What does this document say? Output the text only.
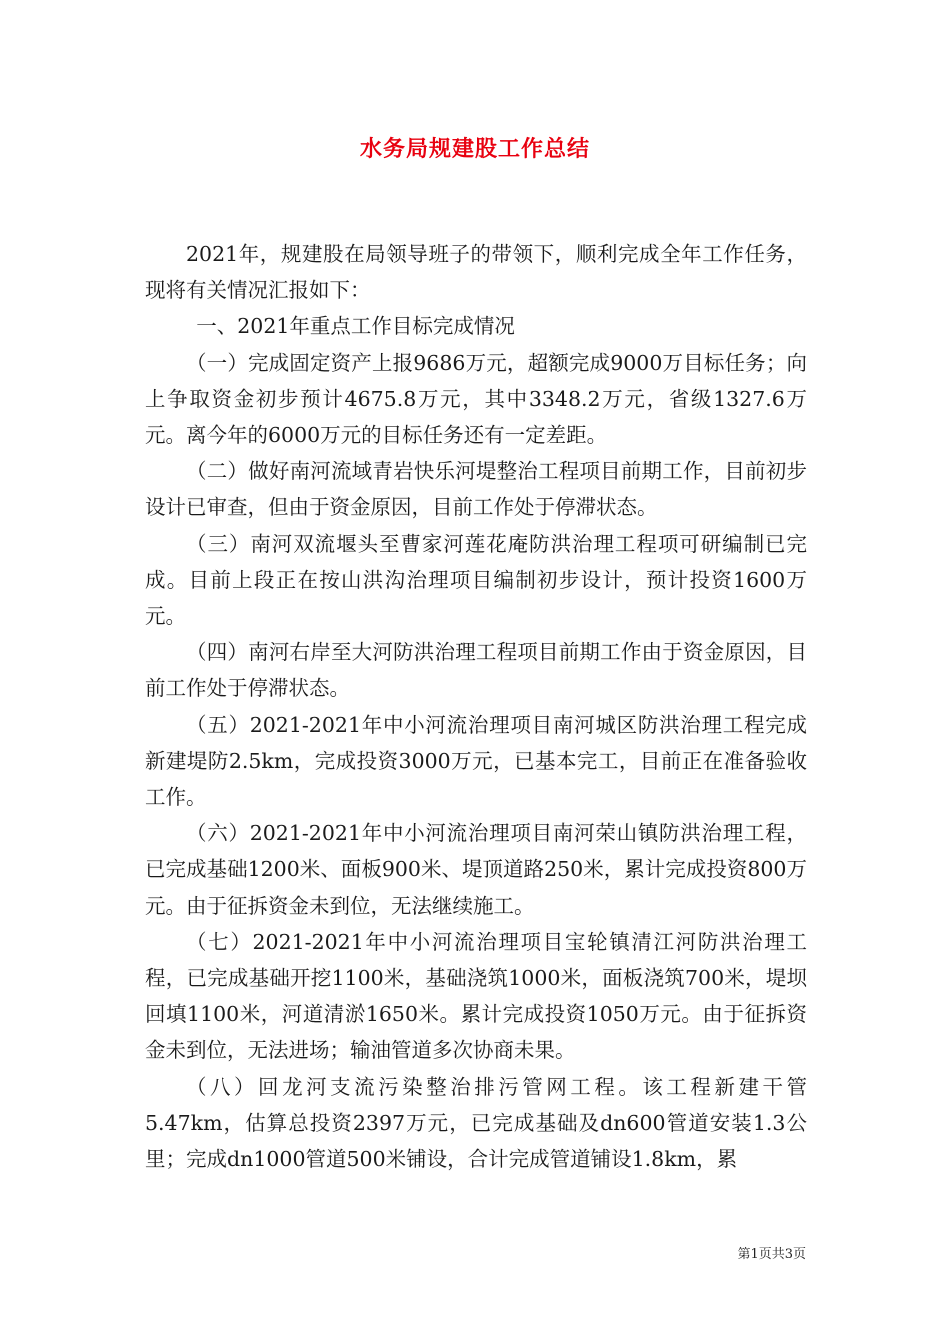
水务局规建股工作总结

2021年，规建股在局领导班子的带领下，顺利完成全年工作任务，现将有关情况汇报如下：

一、2021年重点工作目标完成情况

（一）完成固定资产上报9686万元，超额完成9000万目标任务；向上争取资金初步预计4675.8万元，其中3348.2万元，省级1327.6万元。离今年的6000万元的目标任务还有一定差距。

（二）做好南河流域青岩快乐河堤整治工程项目前期工作，目前初步设计已审查，但由于资金原因，目前工作处于停滞状态。

（三）南河双流堰头至曹家河莲花庵防洪治理工程项可研编制已完成。目前上段正在按山洪沟治理项目编制初步设计，预计投资1600万元。

（四）南河右岸至大河防洪治理工程项目前期工作由于资金原因，目前工作处于停滞状态。

（五）2021-2021年中小河流治理项目南河城区防洪治理工程完成新建堤防2.5km，完成投资3000万元，已基本完工，目前正在准备验收工作。

（六）2021-2021年中小河流治理项目南河荣山镇防洪治理工程，已完成基础1200米、面板900米、堤顶道路250米，累计完成投资800万元。由于征拆资金未到位，无法继续施工。

（七）2021-2021年中小河流治理项目宝轮镇清江河防洪治理工程，已完成基础开挖1100米，基础浇筑1000米，面板浇筑700米，堤坝回填1100米，河道清淤1650米。累计完成投资1050万元。由于征拆资金未到位，无法进场；输油管道多次协商未果。

（八）回龙河支流污染整治排污管网工程。该工程新建干管5.47km，估算总投资2397万元，已完成基础及dn600管道安装1.3公里；完成dn1000管道500米铺设，合计完成管道铺设1.8km，累

第1页共3页
